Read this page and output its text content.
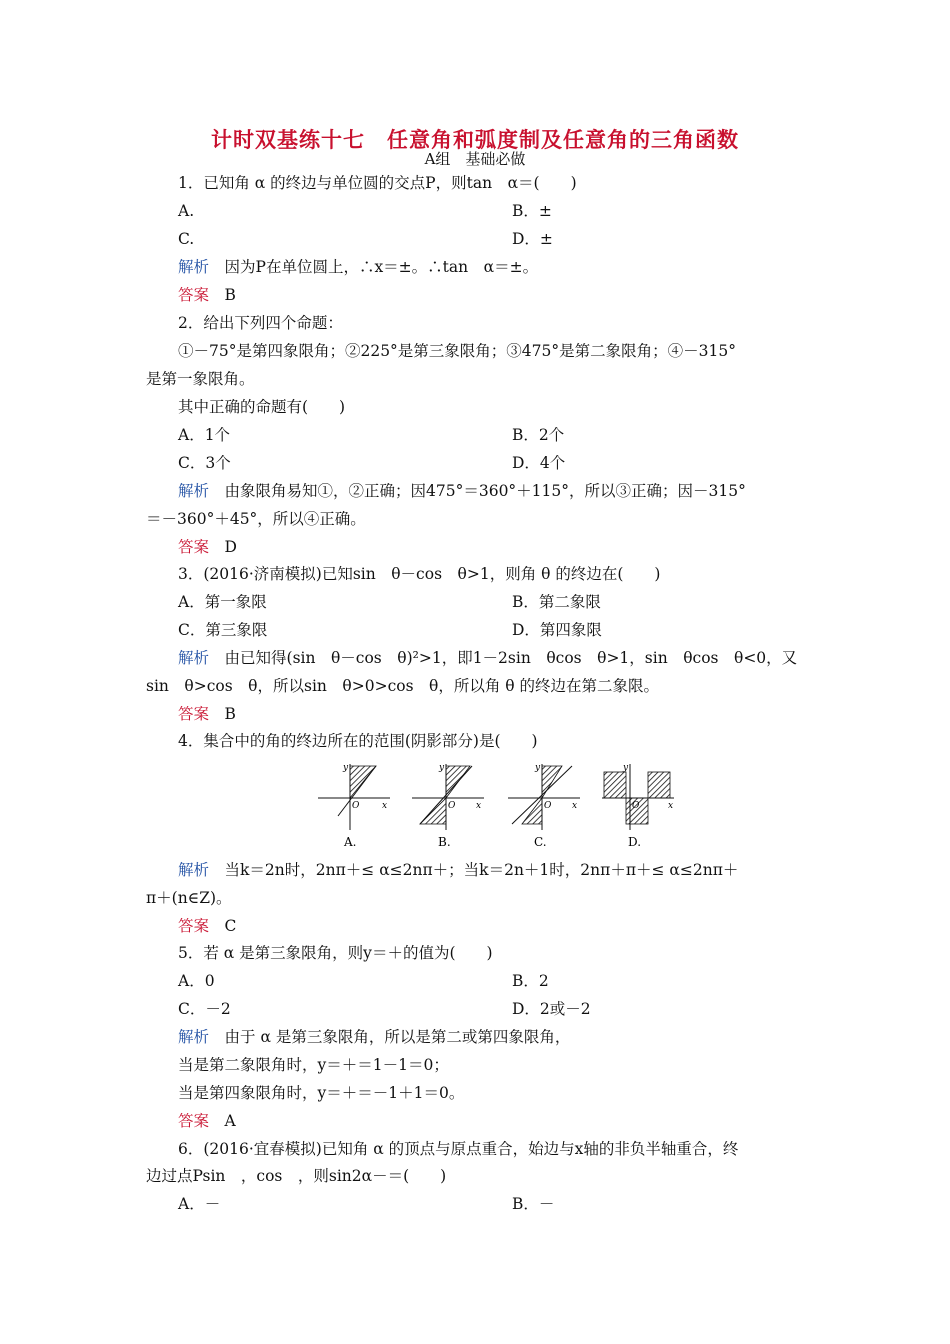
计时双基练十七　任意角和弧度制及任意角的三角函数
A组　基础必做
1．已知角 α 的终边与单位圆的交点P，则tan　α＝(　　)
A.	B．±
C.	D．±
解析　因为P在单位圆上，∴x＝±。∴tan　α＝±。
答案　B
2．给出下列四个命题：
①－75°是第四象限角；②225°是第三象限角；③475°是第二象限角；④－315°
是第一象限角。
其中正确的命题有(　　)
A．1个	B．2个
C．3个	D．4个
解析　由象限角易知①，②正确；因475°＝360°＋115°，所以③正确；因－315°
＝－360°＋45°，所以④正确。
答案　D
3．(2016·济南模拟)已知sin　θ－cos　θ>1，则角 θ 的终边在(　　)
A．第一象限	B．第二象限
C．第三象限	D．第四象限
解析　由已知得(sin　θ－cos　θ)²>1，即1－2sin　θcos　θ>1，sin　θcos　θ<0，又
sin　θ>cos　θ，所以sin　θ>0>cos　θ，所以角 θ 的终边在第二象限。
答案　B
4．集合中的角的终边所在的范围(阴影部分)是(　　)
y
x
O
A.
y
x
O
B.
y
x
O
C.
y
x
O
D.
解析　当k＝2n时，2nπ＋≤ α≤2nπ＋；当k＝2n＋1时，2nπ＋π＋≤ α≤2nπ＋
π＋(n∈Z)。
答案　C
5．若 α 是第三象限角，则y＝＋的值为(　　)
A．0	B．2
C．－2	D．2或－2
解析　由于 α 是第三象限角，所以是第二或第四象限角，
当是第二象限角时，y＝＋＝1－1＝0；
当是第四象限角时，y＝＋＝－1＋1＝0。
答案　A
6．(2016·宜春模拟)已知角 α 的顶点与原点重合，始边与x轴的非负半轴重合，终
边过点Psin　，cos　，则sin2α－＝(　　)
A．－	B．－
